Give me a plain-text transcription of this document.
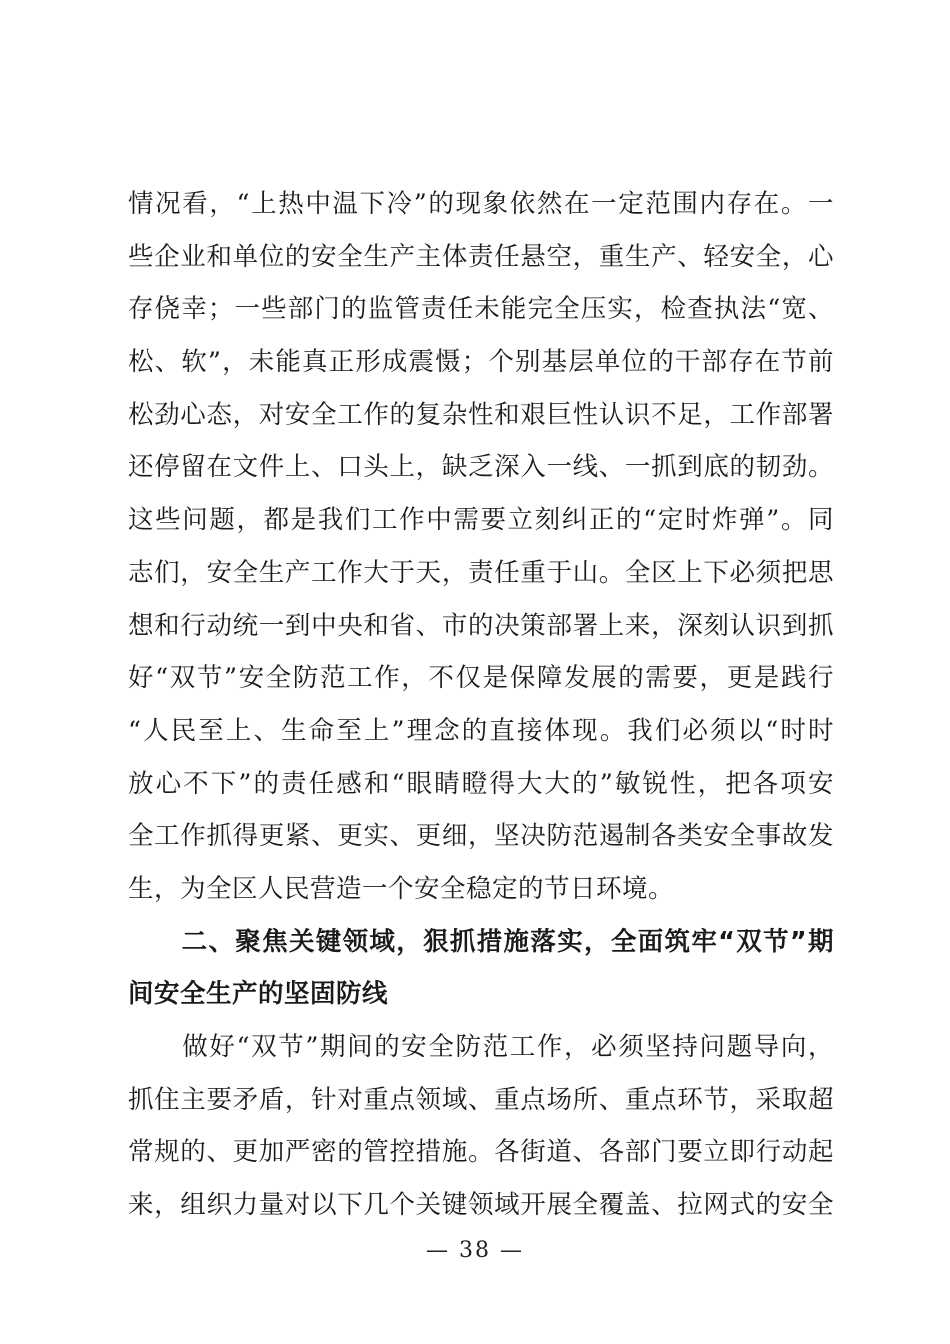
情况看，“上热中温下冷”的现象依然在一定范围内存在。一
些企业和单位的安全生产主体责任悬空，重生产、轻安全，心
存侥幸；一些部门的监管责任未能完全压实，检查执法“宽、
松、软”，未能真正形成震慑；个别基层单位的干部存在节前
松劲心态，对安全工作的复杂性和艰巨性认识不足，工作部署
还停留在文件上、口头上，缺乏深入一线、一抓到底的韧劲。
这些问题，都是我们工作中需要立刻纠正的“定时炸弹”。同
志们，安全生产工作大于天，责任重于山。全区上下必须把思
想和行动统一到中央和省、市的决策部署上来，深刻认识到抓
好“双节”安全防范工作，不仅是保障发展的需要，更是践行
“人民至上、生命至上”理念的直接体现。我们必须以“时时
放心不下”的责任感和“眼睛瞪得大大的”敏锐性，把各项安
全工作抓得更紧、更实、更细，坚决防范遏制各类安全事故发
生，为全区人民营造一个安全稳定的节日环境。
　　二、聚焦关键领域，狠抓措施落实，全面筑牢“双节”期
间安全生产的坚固防线
　　做好“双节”期间的安全防范工作，必须坚持问题导向，
抓住主要矛盾，针对重点领域、重点场所、重点环节，采取超
常规的、更加严密的管控措施。各街道、各部门要立即行动起
来，组织力量对以下几个关键领域开展全覆盖、拉网式的安全
— 38 —
